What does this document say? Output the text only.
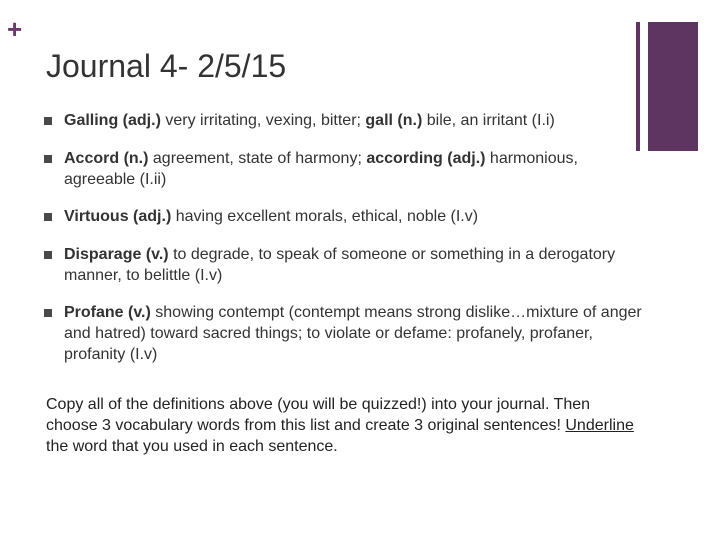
+
Journal 4- 2/5/15
Galling (adj.) very irritating, vexing, bitter; gall (n.) bile, an irritant (I.i)
Accord (n.) agreement, state of harmony; according (adj.) harmonious, agreeable (I.ii)
Virtuous (adj.) having excellent morals, ethical, noble (I.v)
Disparage (v.) to degrade, to speak of someone or something in a derogatory manner, to belittle (I.v)
Profane (v.) showing contempt (contempt means strong dislike…mixture of anger and hatred) toward sacred things; to violate or defame: profanely, profaner, profanity (I.v)

Copy all of the definitions above (you will be quizzed!) into your journal. Then choose 3 vocabulary words from this list and create 3 original sentences! Underline the word that you used in each sentence.
